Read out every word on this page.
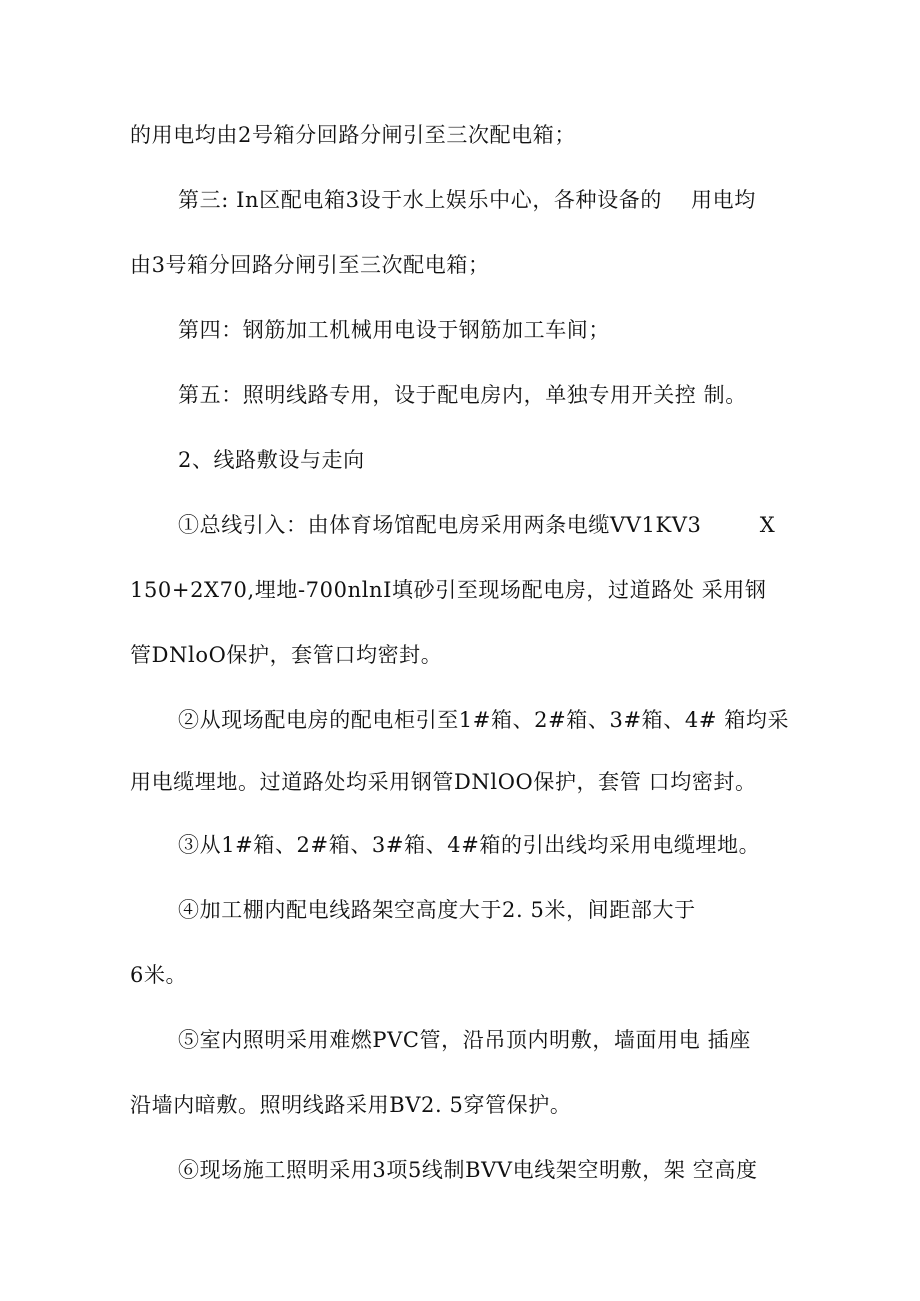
的用电均由2号箱分回路分闸引至三次配电箱；
第三: In区配电箱3设于水上娱乐中心，各种设备的    用电均
由3号箱分回路分闸引至三次配电箱；
第四：钢筋加工机械用电设于钢筋加工车间；
第五：照明线路专用，设于配电房内，单独专用开关控 制。
2、线路敷设与走向
①总线引入：由体育场馆配电房采用两条电缆VV1KV3        X
150+2X70,埋地-700nlnI填砂引至现场配电房，过道路处 采用钢
管DNloO保护，套管口均密封。
②从现场配电房的配电柜引至1#箱、2#箱、3#箱、4# 箱均采
用电缆埋地。过道路处均采用钢管DNlOO保护，套管 口均密封。
③从1#箱、2#箱、3#箱、4#箱的引出线均采用电缆埋地。
④加工棚内配电线路架空高度大于2. 5米，间距部大于
6米。
⑤室内照明采用难燃PVC管，沿吊顶内明敷，墙面用电 插座
沿墙内暗敷。照明线路采用BV2. 5穿管保护。
⑥现场施工照明采用3项5线制BVV电线架空明敷，架 空高度
